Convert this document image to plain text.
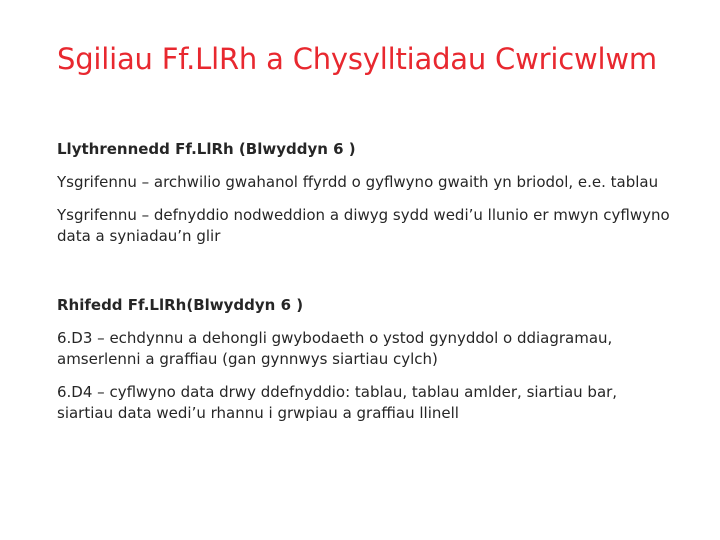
Sgiliau Ff.LlRh a Chysylltiadau Cwricwlwm

Llythrennedd Ff.LlRh (Blwyddyn 6 )

Ysgrifennu – archwilio gwahanol ffyrdd o gyflwyno gwaith yn briodol, e.e. tablau

Ysgrifennu – defnyddio nodweddion a diwyg sydd wedi’u llunio er mwyn cyflwyno data a syniadau’n glir

Rhifedd Ff.LlRh(Blwyddyn 6 )

6.D3 – echdynnu a dehongli gwybodaeth o ystod gynyddol o ddiagramau, amserlenni a graffiau (gan gynnwys siartiau cylch)

6.D4 – cyflwyno data drwy ddefnyddio: tablau, tablau amlder, siartiau bar, siartiau data wedi’u rhannu i grwpiau a graffiau llinell
